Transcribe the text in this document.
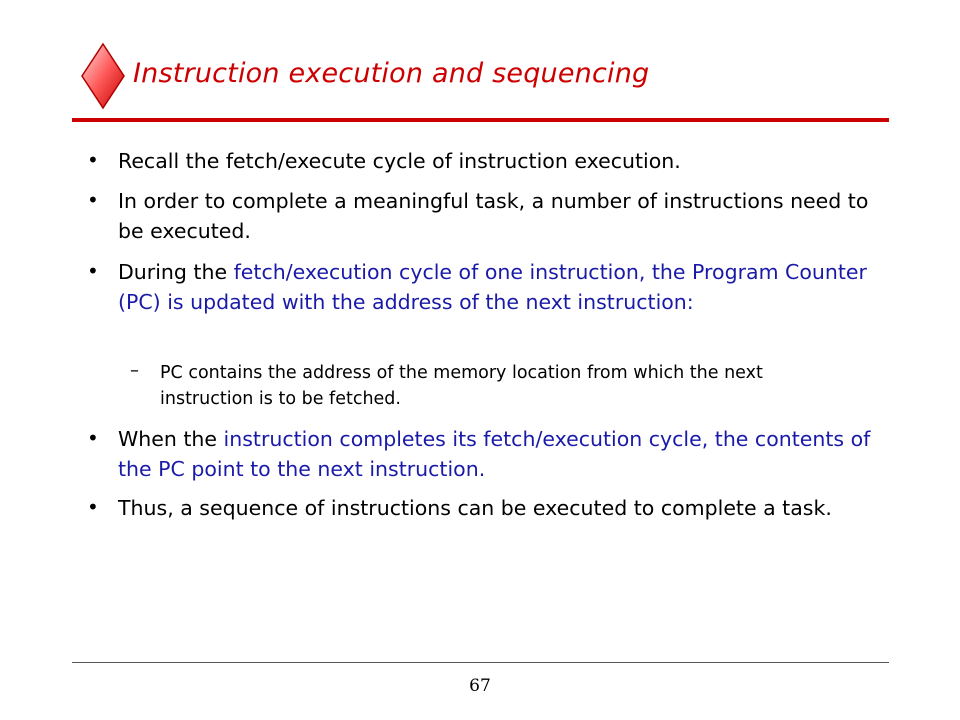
Instruction execution and sequencing
• Recall the fetch/execute cycle of instruction execution.
• In order to complete a meaningful task, a number of instructions need to be executed.
• During the fetch/execution cycle of one instruction, the Program Counter (PC) is updated with the address of the next instruction:
– PC contains the address of the memory location from which the next instruction is to be fetched.
• When the instruction completes its fetch/execution cycle, the contents of the PC point to the next instruction.
• Thus, a sequence of instructions can be executed to complete a task.
67
